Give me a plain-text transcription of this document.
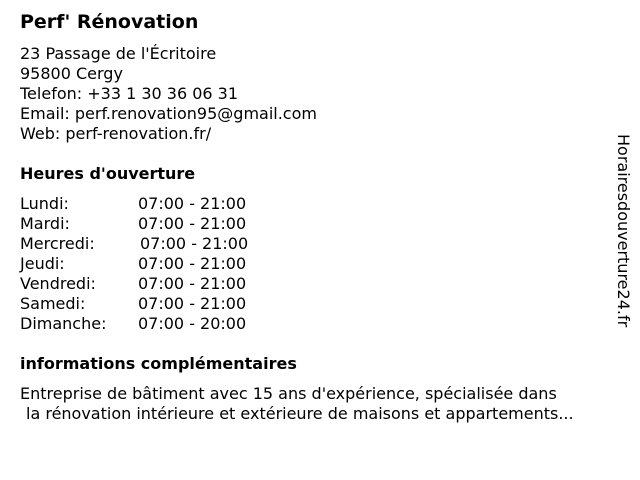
Perf' Rénovation
23 Passage de l'Écritoire
95800 Cergy
Telefon: +33 1 30 36 06 31
Email: perf.renovation95@gmail.com
Web: perf-renovation.fr/
Heures d'ouverture
Lundi:	07:00 - 21:00
Mardi:	07:00 - 21:00
Mercredi:	07:00 - 21:00
Jeudi:	07:00 - 21:00
Vendredi:	07:00 - 21:00
Samedi:	07:00 - 21:00
Dimanche: 07:00 - 20:00
informations complémentaires
Entreprise de bâtiment avec 15 ans d'expérience, spécialisée dans
la rénovation intérieure et extérieure de maisons et appartements...
Horairesdouverture24.fr
